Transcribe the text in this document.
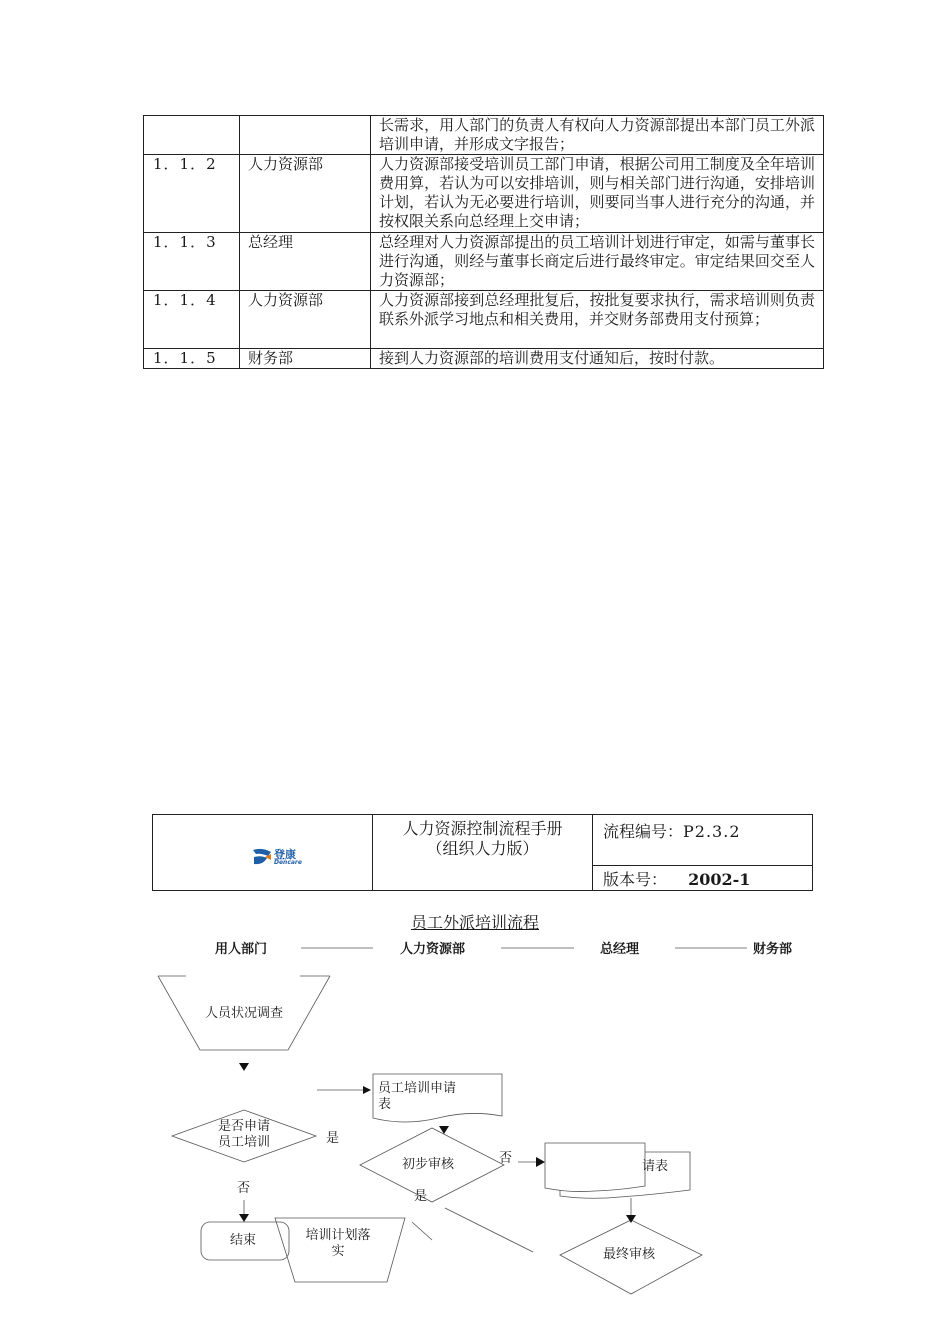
		长需求，用人部门的负责人有权向人力资源部提出本部门员工外派培训申请，并形成文字报告；
1．1．2	人力资源部	人力资源部接受培训员工部门申请，根据公司用工制度及全年培训费用算，若认为可以安排培训，则与相关部门进行沟通，安排培训计划，若认为无必要进行培训，则要同当事人进行充分的沟通，并按权限关系向总经理上交申请；
1．1．3	总经理	总经理对人力资源部提出的员工培训计划进行审定，如需与董事长进行沟通，则经与董事长商定后进行最终审定。审定结果回交至人力资源部；
1．1．4	人力资源部	人力资源部接到总经理批复后，按批复要求执行，需求培训则负责联系外派学习地点和相关费用，并交财务部费用支付预算；
1．1．5	财务部	接到人力资源部的培训费用支付通知后，按时付款。
登康
Dencare

人力资源控制流程手册
（组织人力版）
	流程编号：P2.3.2
版本号： 2002-1
员工外派培训流程
用人部门	人力资源部	总经理	财务部
人员状况调查
员工培训申请表
是否申请员工培训	是
否
初步审核	否
是
请表
结束	培训计划落实	最终审核
